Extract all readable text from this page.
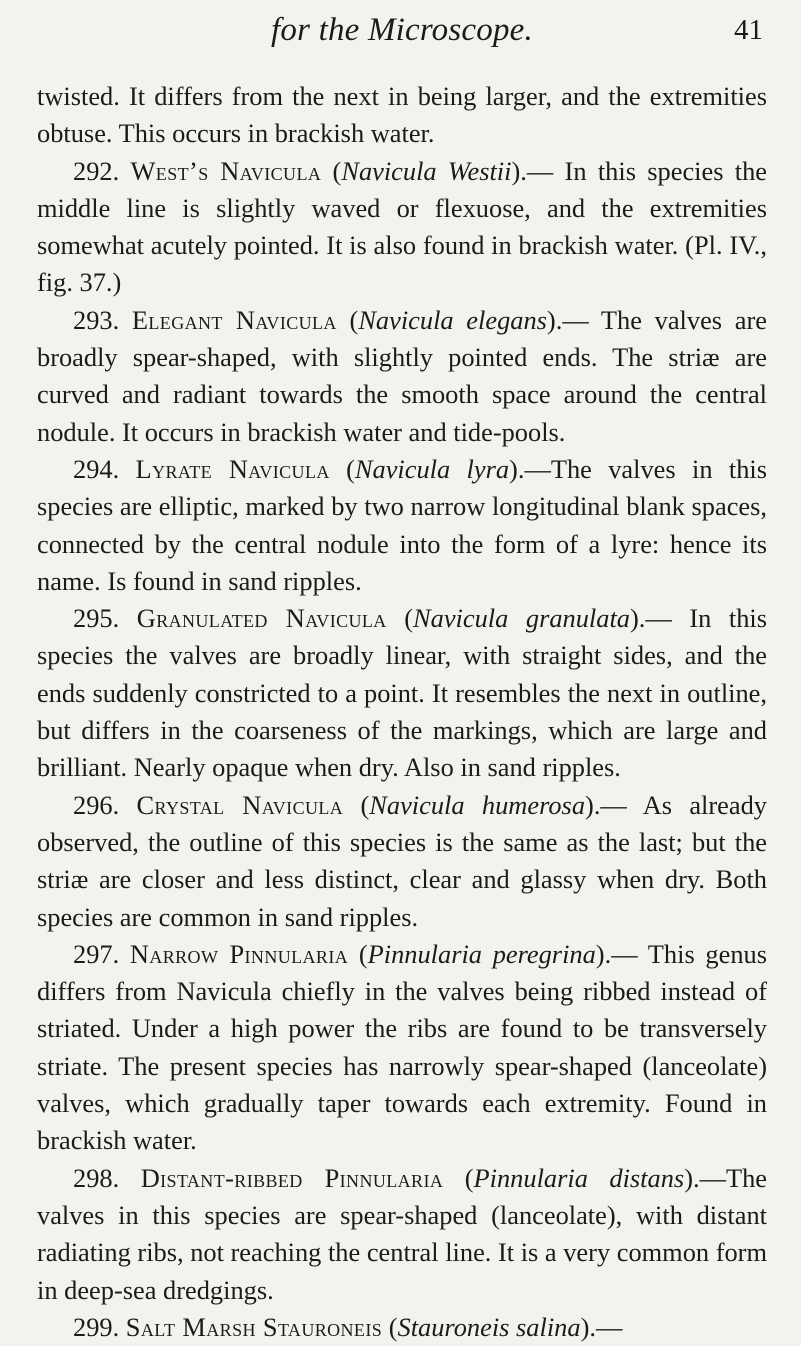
for the Microscope.	41

twisted. It differs from the next in being larger, and the extremities obtuse. This occurs in brackish water.

292. West’s Navicula (Navicula Westii).— In this species the middle line is slightly waved or flexuose, and the extremities somewhat acutely pointed. It is also found in brackish water. (Pl. IV., fig. 37.)

293. Elegant Navicula (Navicula elegans).— The valves are broadly spear-shaped, with slightly pointed ends. The striæ are curved and radiant towards the smooth space around the central nodule. It occurs in brackish water and tide-pools.

294. Lyrate Navicula (Navicula lyra).—The valves in this species are elliptic, marked by two narrow longitudinal blank spaces, connected by the central nodule into the form of a lyre: hence its name. Is found in sand ripples.

295. Granulated Navicula (Navicula granulata).— In this species the valves are broadly linear, with straight sides, and the ends suddenly constricted to a point. It resembles the next in outline, but differs in the coarseness of the markings, which are large and brilliant. Nearly opaque when dry. Also in sand ripples.

296. Crystal Navicula (Navicula humerosa).— As already observed, the outline of this species is the same as the last; but the striæ are closer and less distinct, clear and glassy when dry. Both species are common in sand ripples.

297. Narrow Pinnularia (Pinnularia peregrina).— This genus differs from Navicula chiefly in the valves being ribbed instead of striated. Under a high power the ribs are found to be transversely striate. The present species has narrowly spear-shaped (lanceolate) valves, which gradually taper towards each extremity. Found in brackish water.

298. Distant-ribbed Pinnularia (Pinnularia distans).—The valves in this species are spear-shaped (lanceolate), with distant radiating ribs, not reaching the central line. It is a very common form in deep-sea dredgings.

299. Salt Marsh Stauroneis (Stauroneis salina).—
